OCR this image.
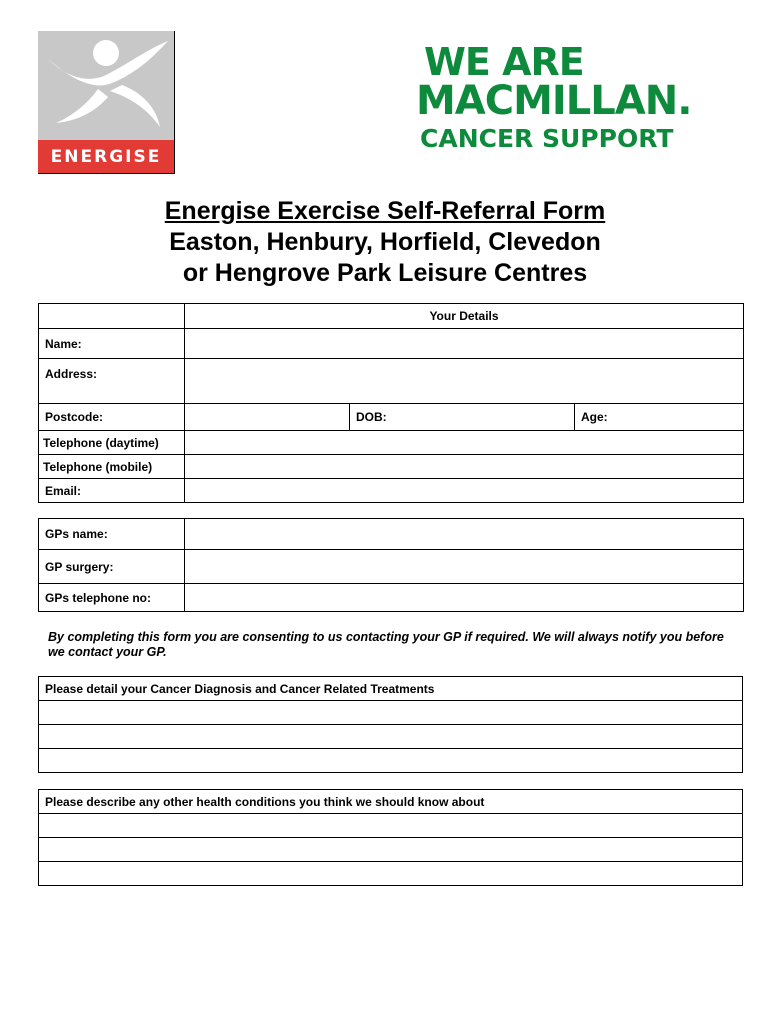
ENERGISE
WE ARE
MACMILLAN.
CANCER SUPPORT
Energise Exercise Self-Referral Form
Easton, Henbury, Horfield, Clevedon
or Hengrove Park Leisure Centres
	Your Details		
Name:			
Address:			
Postcode:		DOB:	Age:
Telephone (daytime)			
Telephone (mobile)			
Email:			
GPs name:	
GP surgery:	
GPs telephone no:	
By completing this form you are consenting to us contacting your GP if required. We will always notify you before we contact your GP.
Please detail your Cancer Diagnosis and Cancer Related Treatments

Please describe any other health conditions you think we should know about
